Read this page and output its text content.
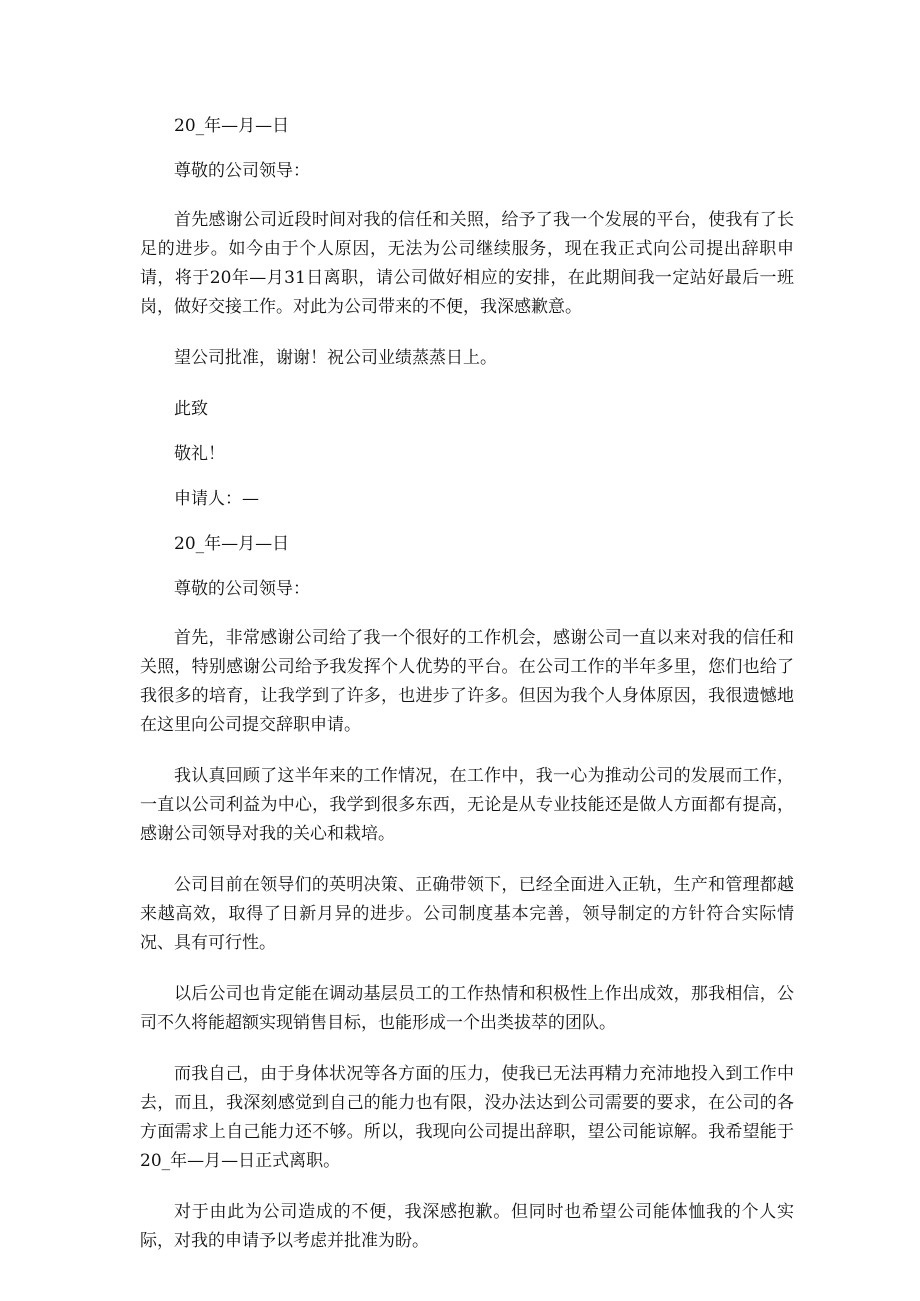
20_年—月—日

尊敬的公司领导：

首先感谢公司近段时间对我的信任和关照，给予了我一个发展的平台，使我有了长足的进步。如今由于个人原因，无法为公司继续服务，现在我正式向公司提出辞职申请，将于20年—月31日离职，请公司做好相应的安排，在此期间我一定站好最后一班岗，做好交接工作。对此为公司带来的不便，我深感歉意。

望公司批准，谢谢！祝公司业绩蒸蒸日上。

此致

敬礼！

申请人：—

20_年—月—日

尊敬的公司领导：

首先，非常感谢公司给了我一个很好的工作机会，感谢公司一直以来对我的信任和关照，特别感谢公司给予我发挥个人优势的平台。在公司工作的半年多里，您们也给了我很多的培育，让我学到了许多，也进步了许多。但因为我个人身体原因，我很遗憾地在这里向公司提交辞职申请。

我认真回顾了这半年来的工作情况，在工作中，我一心为推动公司的发展而工作，一直以公司利益为中心，我学到很多东西，无论是从专业技能还是做人方面都有提高，感谢公司领导对我的关心和栽培。

公司目前在领导们的英明决策、正确带领下，已经全面进入正轨，生产和管理都越来越高效，取得了日新月异的进步。公司制度基本完善，领导制定的方针符合实际情况、具有可行性。

以后公司也肯定能在调动基层员工的工作热情和积极性上作出成效，那我相信，公司不久将能超额实现销售目标，也能形成一个出类拔萃的团队。

而我自己，由于身体状况等各方面的压力，使我已无法再精力充沛地投入到工作中去，而且，我深刻感觉到自己的能力也有限，没办法达到公司需要的要求，在公司的各方面需求上自己能力还不够。所以，我现向公司提出辞职，望公司能谅解。我希望能于20_年—月—日正式离职。

对于由此为公司造成的不便，我深感抱歉。但同时也希望公司能体恤我的个人实际，对我的申请予以考虑并批准为盼。
